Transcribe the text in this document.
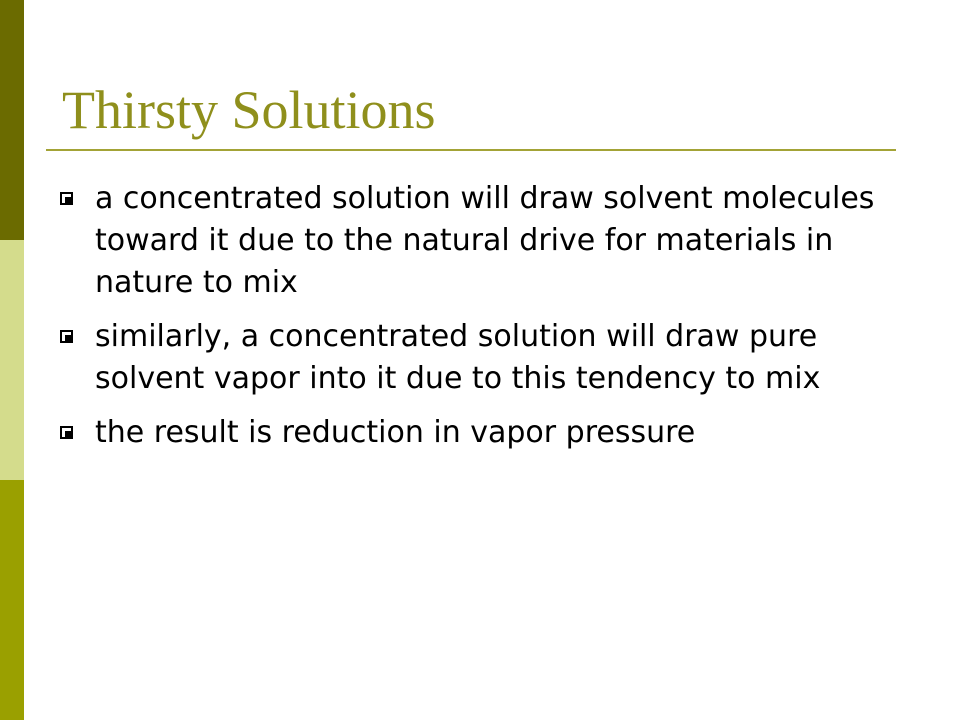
Thirsty Solutions
a concentrated solution will draw solvent molecules toward it due to the natural drive for materials in nature to mix
similarly, a concentrated solution will draw pure solvent vapor into it due to this tendency to mix
the result is reduction in vapor pressure
